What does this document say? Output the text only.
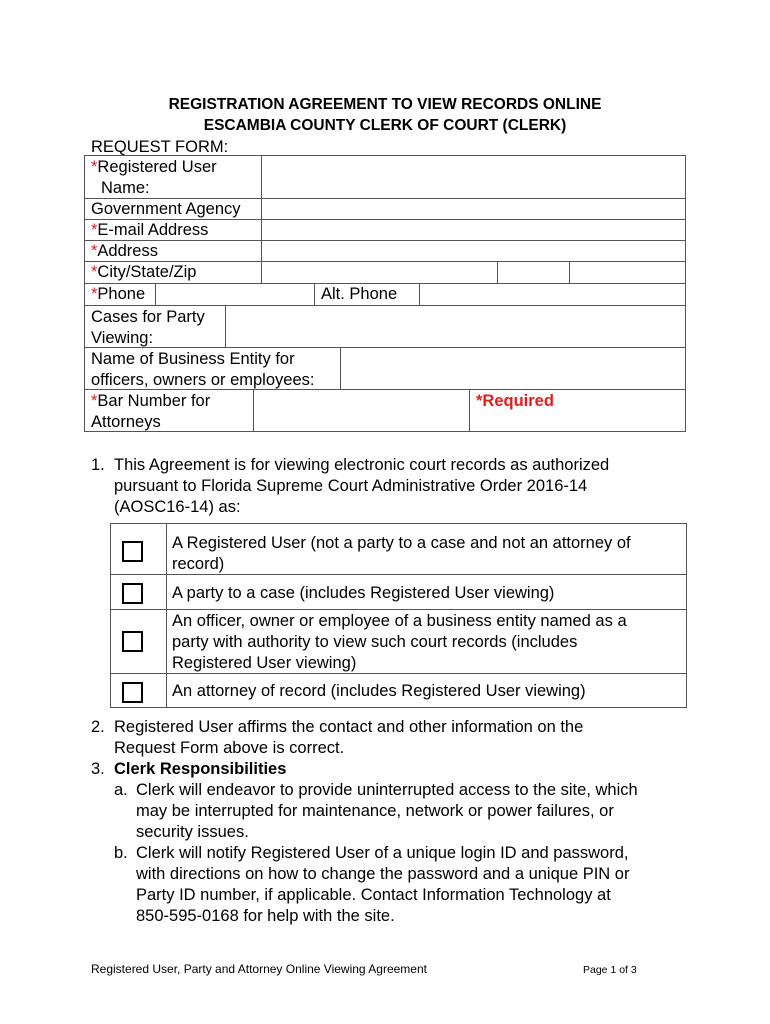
REGISTRATION AGREEMENT TO VIEW RECORDS ONLINE
ESCAMBIA COUNTY CLERK OF COURT (CLERK)
REQUEST FORM:
*Registered User
Name:
Government Agency
*E-mail Address
*Address
*City/State/Zip
*Phone	Alt. Phone
Cases for Party
Viewing:
Name of Business Entity for
officers, owners or employees:
*Bar Number for
Attorneys
*Required
1. This Agreement is for viewing electronic court records as authorized
pursuant to Florida Supreme Court Administrative Order 2016-14
(AOSC16-14) as:
A Registered User (not a party to a case and not an attorney of
record)
A party to a case (includes Registered User viewing)
An officer, owner or employee of a business entity named as a
party with authority to view such court records (includes
Registered User viewing)
An attorney of record (includes Registered User viewing)
2. Registered User affirms the contact and other information on the
Request Form above is correct.
3. Clerk Responsibilities
a. Clerk will endeavor to provide uninterrupted access to the site, which
may be interrupted for maintenance, network or power failures, or
security issues.
b. Clerk will notify Registered User of a unique login ID and password,
with directions on how to change the password and a unique PIN or
Party ID number, if applicable. Contact Information Technology at
850-595-0168 for help with the site.
Registered User, Party and Attorney Online Viewing Agreement	Page 1 of 3
